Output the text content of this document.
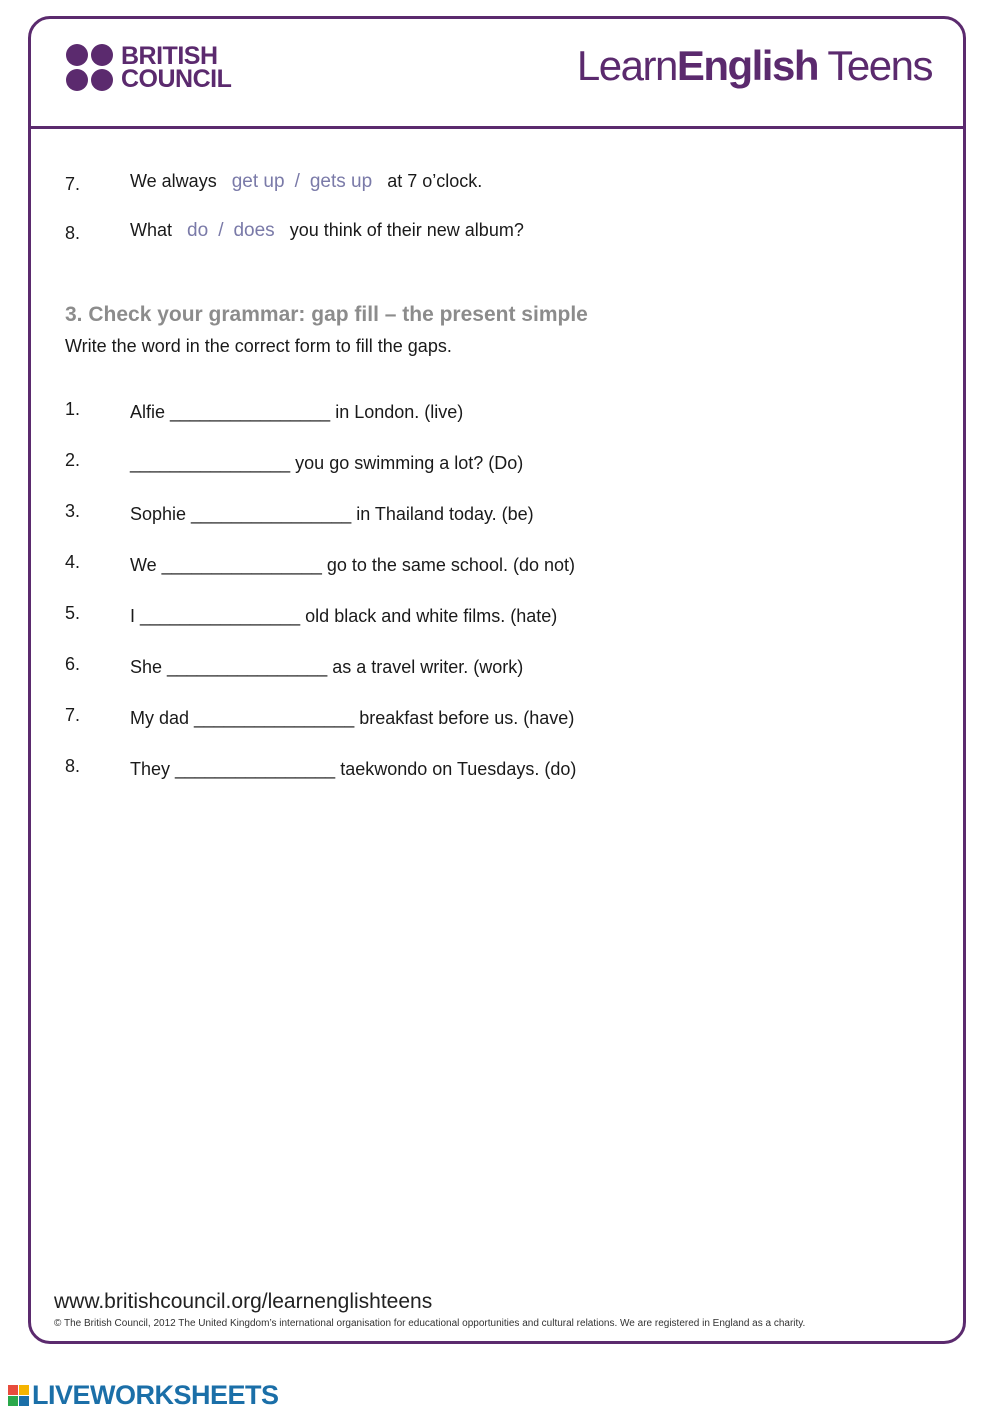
BRITISH
COUNCIL	LearnEnglish Teens
7.	We always get up / gets up at 7 o’clock.
8.	What do / does you think of their new album?
3. Check your grammar: gap fill – the present simple
Write the word in the correct form to fill the gaps.
1.	Alfie ________________ in London. (live)
2.	________________ you go swimming a lot? (Do)
3.	Sophie ________________ in Thailand today. (be)
4.	We ________________ go to the same school. (do not)
5.	I ________________ old black and white films. (hate)
6.	She ________________ as a travel writer. (work)
7.	My dad ________________ breakfast before us. (have)
8.	They ________________ taekwondo on Tuesdays. (do)
www.britishcouncil.org/learnenglishteens
© The British Council, 2012 The United Kingdom’s international organisation for educational opportunities and cultural relations. We are registered in England as a charity.
LIVEWORKSHEETS
